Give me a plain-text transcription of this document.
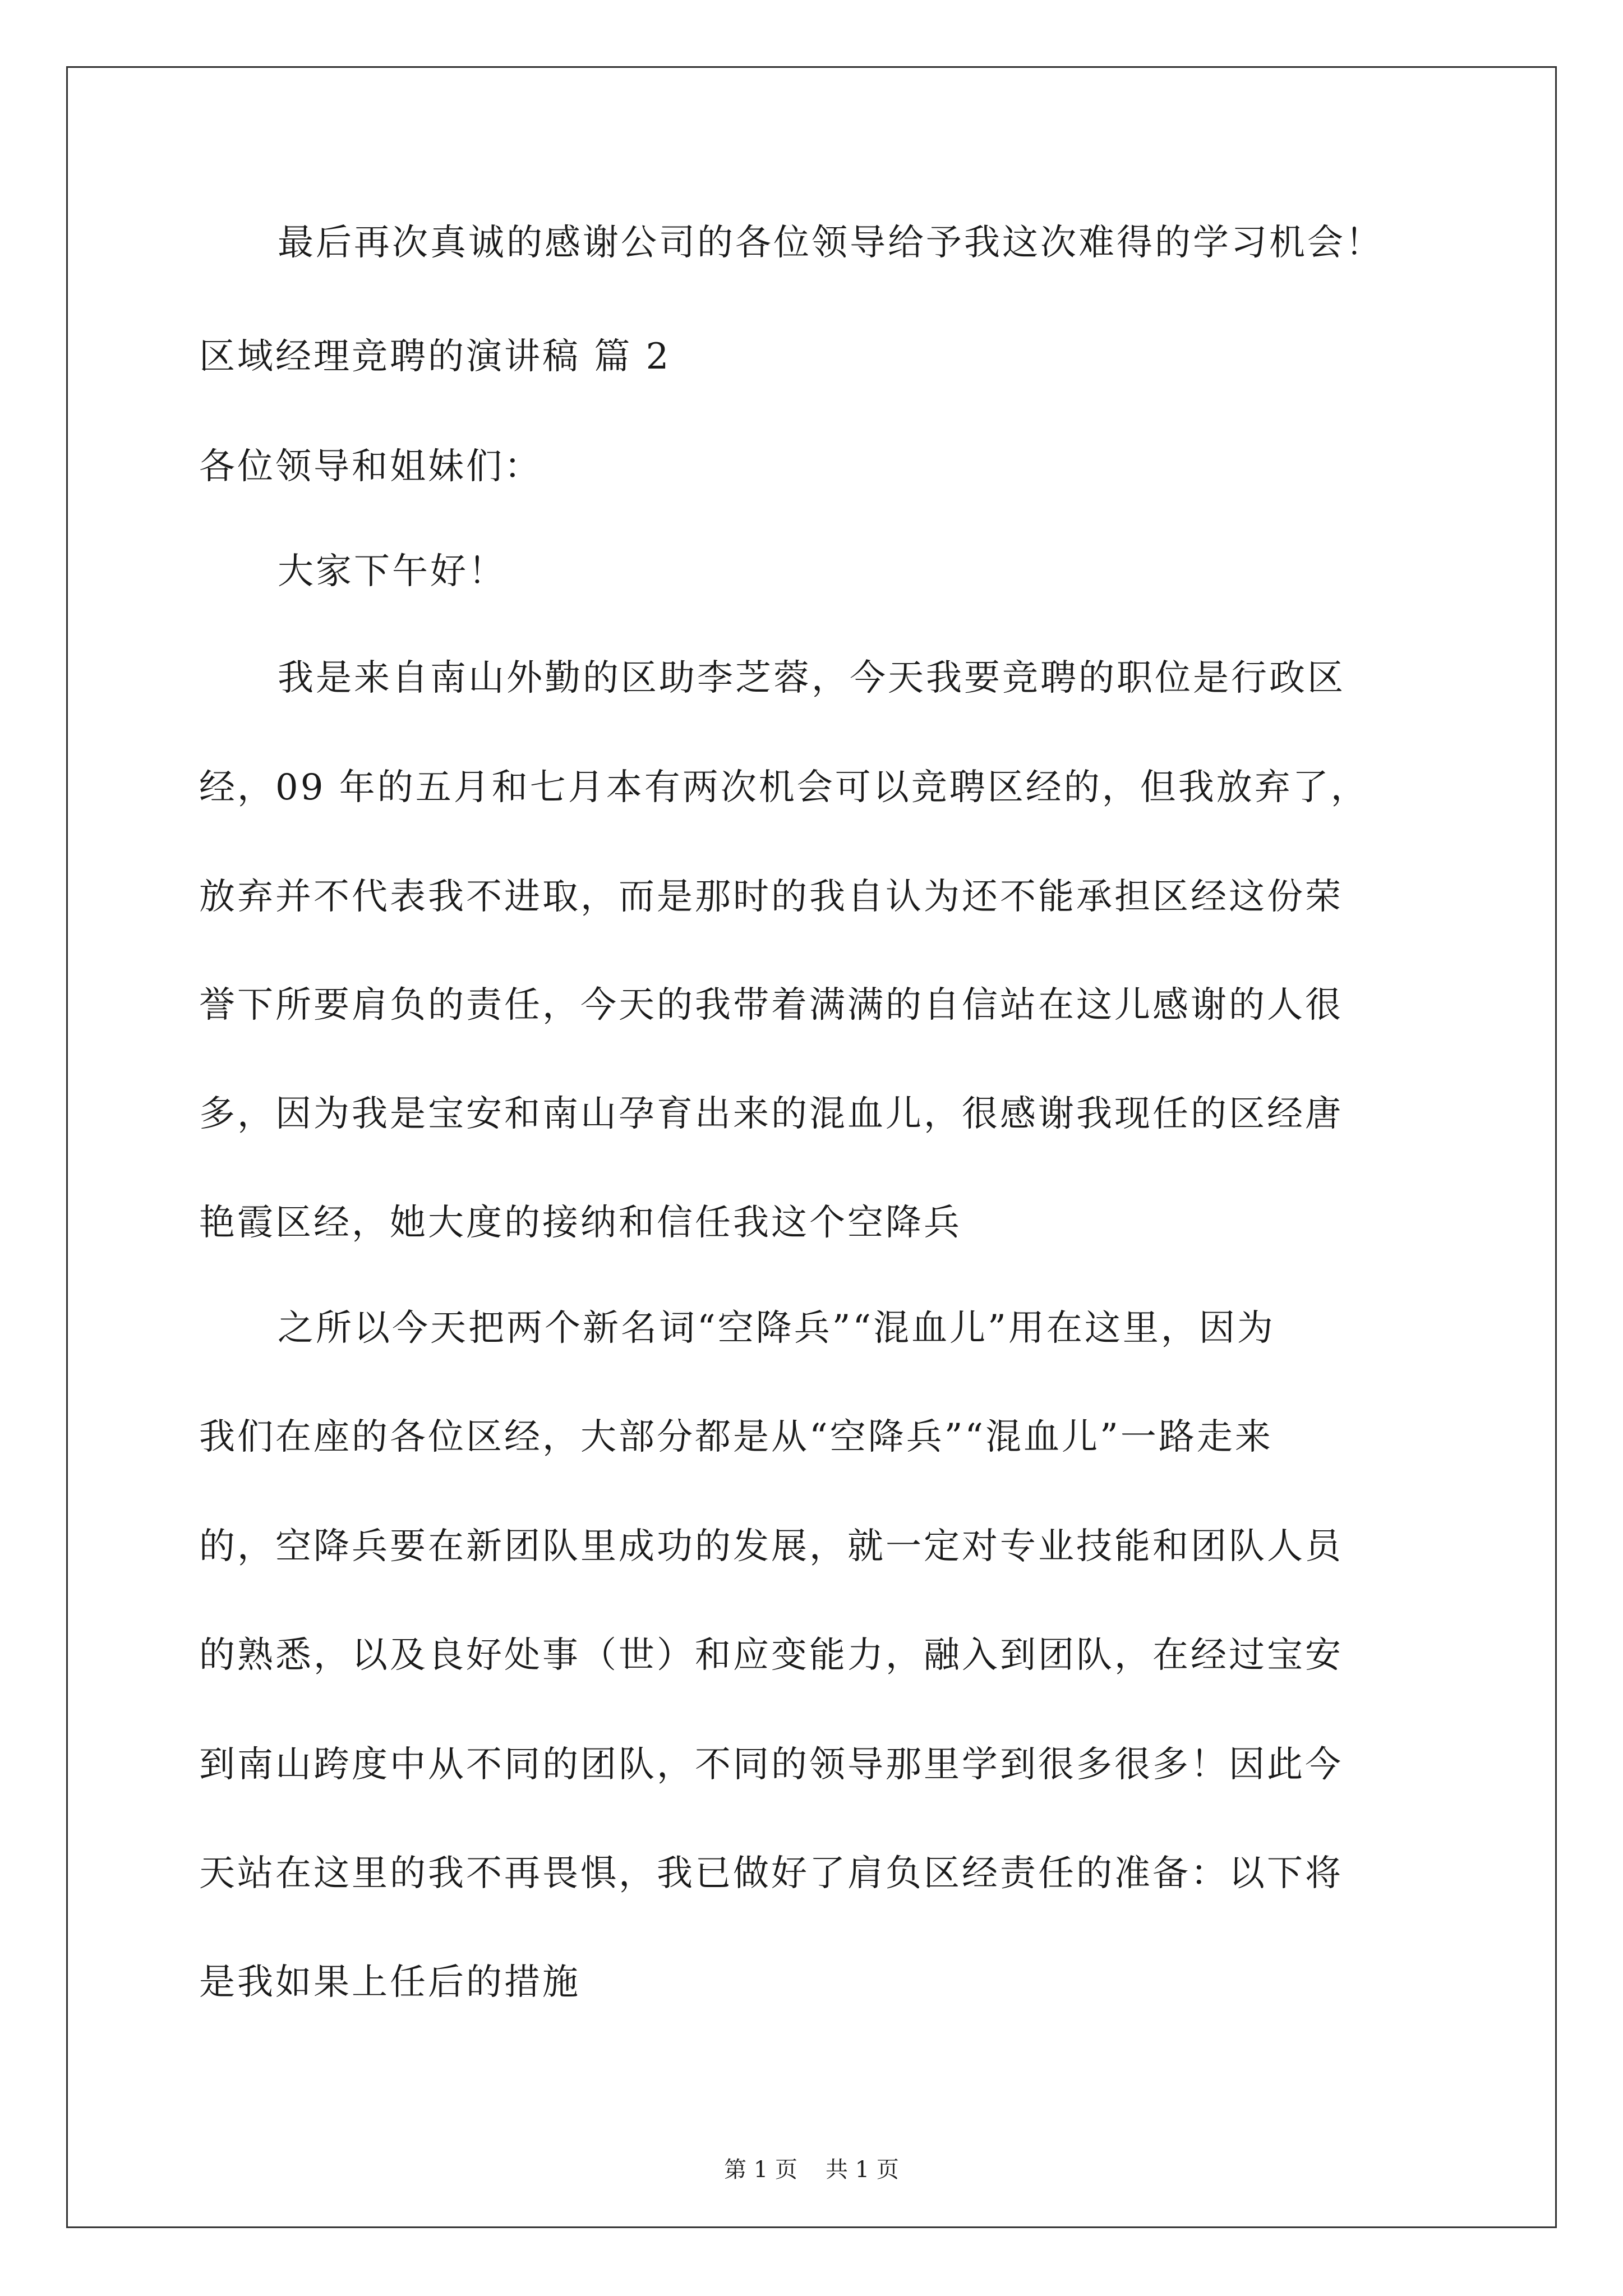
最后再次真诚的感谢公司的各位领导给予我这次难得的学习机会！
区域经理竞聘的演讲稿 篇 2
各位领导和姐妹们：
大家下午好！
我是来自南山外勤的区助李芝蓉，今天我要竞聘的职位是行政区
经，09 年的五月和七月本有两次机会可以竞聘区经的，但我放弃了，
放弃并不代表我不进取，而是那时的我自认为还不能承担区经这份荣
誉下所要肩负的责任，今天的我带着满满的自信站在这儿感谢的人很
多，因为我是宝安和南山孕育出来的混血儿，很感谢我现任的区经唐
艳霞区经，她大度的接纳和信任我这个空降兵
之所以今天把两个新名词“空降兵”“混血儿”用在这里，因为
我们在座的各位区经，大部分都是从“空降兵”“混血儿”一路走来
的，空降兵要在新团队里成功的发展，就一定对专业技能和团队人员
的熟悉，以及良好处事（世）和应变能力，融入到团队，在经过宝安
到南山跨度中从不同的团队，不同的领导那里学到很多很多！因此今
天站在这里的我不再畏惧，我已做好了肩负区经责任的准备：以下将
是我如果上任后的措施
第 1 页 共 1 页
